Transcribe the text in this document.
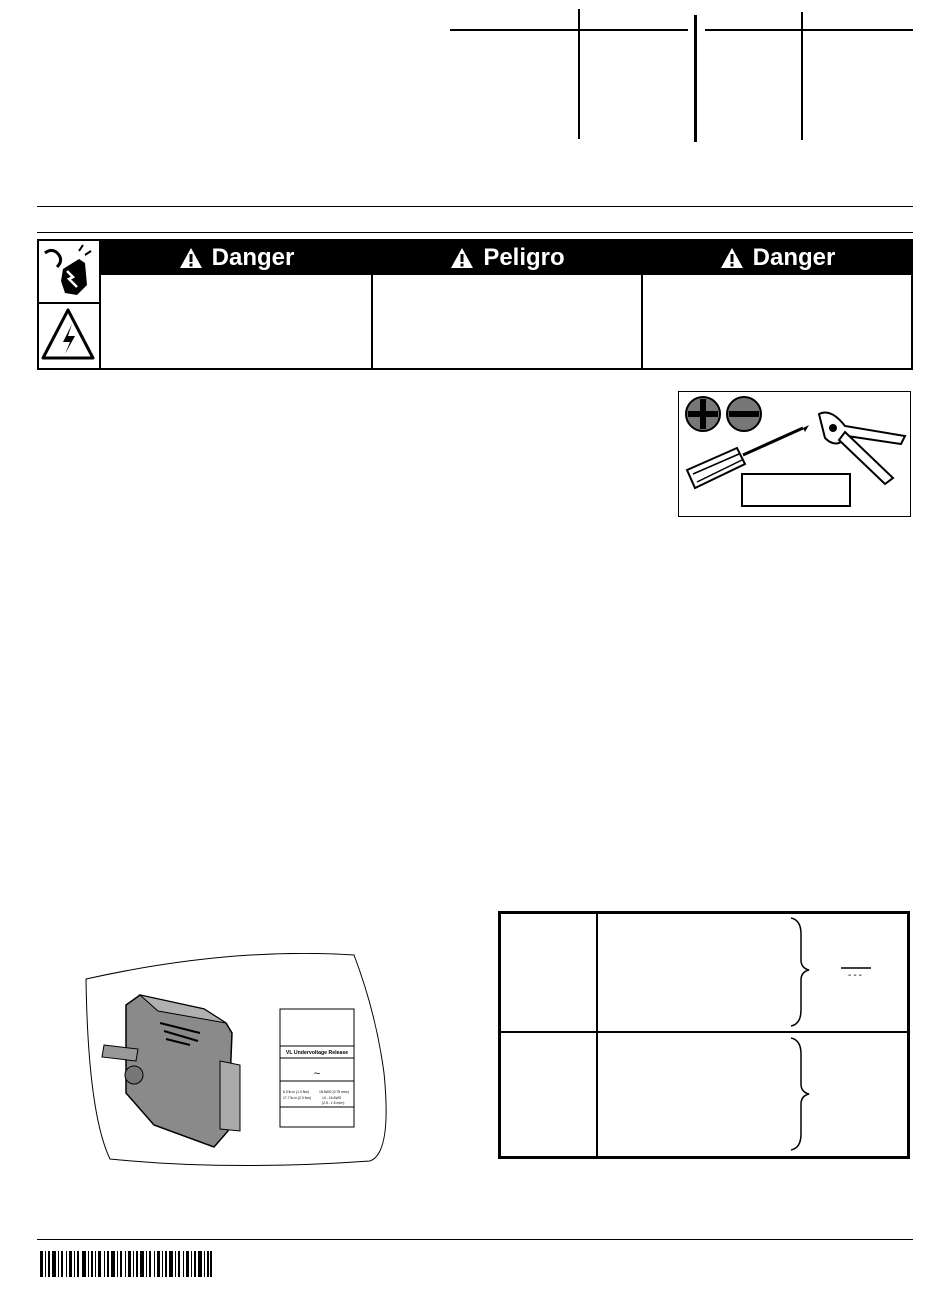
Danger	Peligro	Danger
VL Undervoltage Release
~
6.0 lb-in (1.0 Nm)
17.7 lb-in (2.0 Nm)
18 AWG (0.75 mm²)
14 - 16 AWG
(2.5 - 1.5 mm²)
---
